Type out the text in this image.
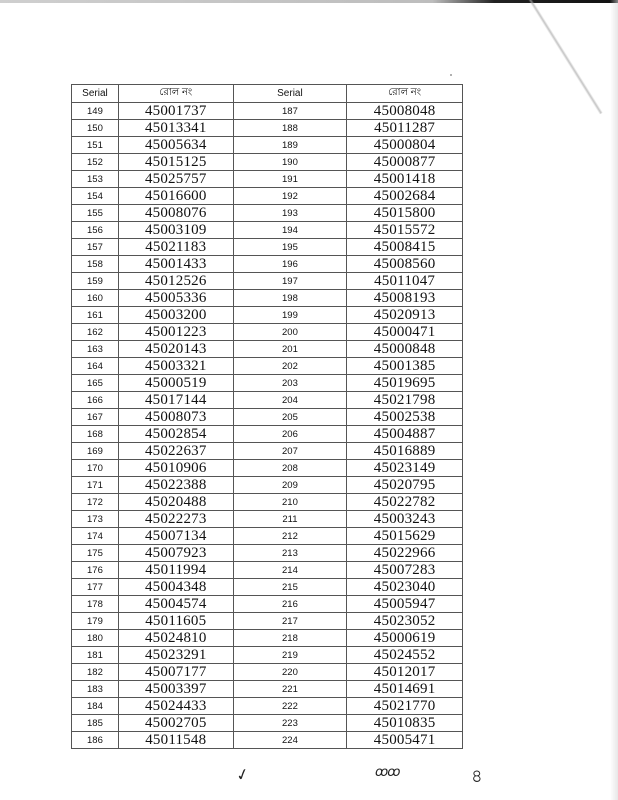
Serial	রোল নং	Serial	রোল নং
149	45001737	187	45008048
150	45013341	188	45011287
151	45005634	189	45000804
152	45015125	190	45000877
153	45025757	191	45001418
154	45016600	192	45002684
155	45008076	193	45015800
156	45003109	194	45015572
157	45021183	195	45008415
158	45001433	196	45008560
159	45012526	197	45011047
160	45005336	198	45008193
161	45003200	199	45020913
162	45001223	200	45000471
163	45020143	201	45000848
164	45003321	202	45001385
165	45000519	203	45019695
166	45017144	204	45021798
167	45008073	205	45002538
168	45002854	206	45004887
169	45022637	207	45016889
170	45010906	208	45023149
171	45022388	209	45020795
172	45020488	210	45022782
173	45022273	211	45003243
174	45007134	212	45015629
175	45007923	213	45022966
176	45011994	214	45007283
177	45004348	215	45023040
178	45004574	216	45005947
179	45011605	217	45023052
180	45024810	218	45000619
181	45023291	219	45024552
182	45007177	220	45012017
183	45003397	221	45014691
184	45024433	222	45021770
185	45002705	223	45010835
186	45011548	224	45005471
✓	ꝏꝏ	৪
